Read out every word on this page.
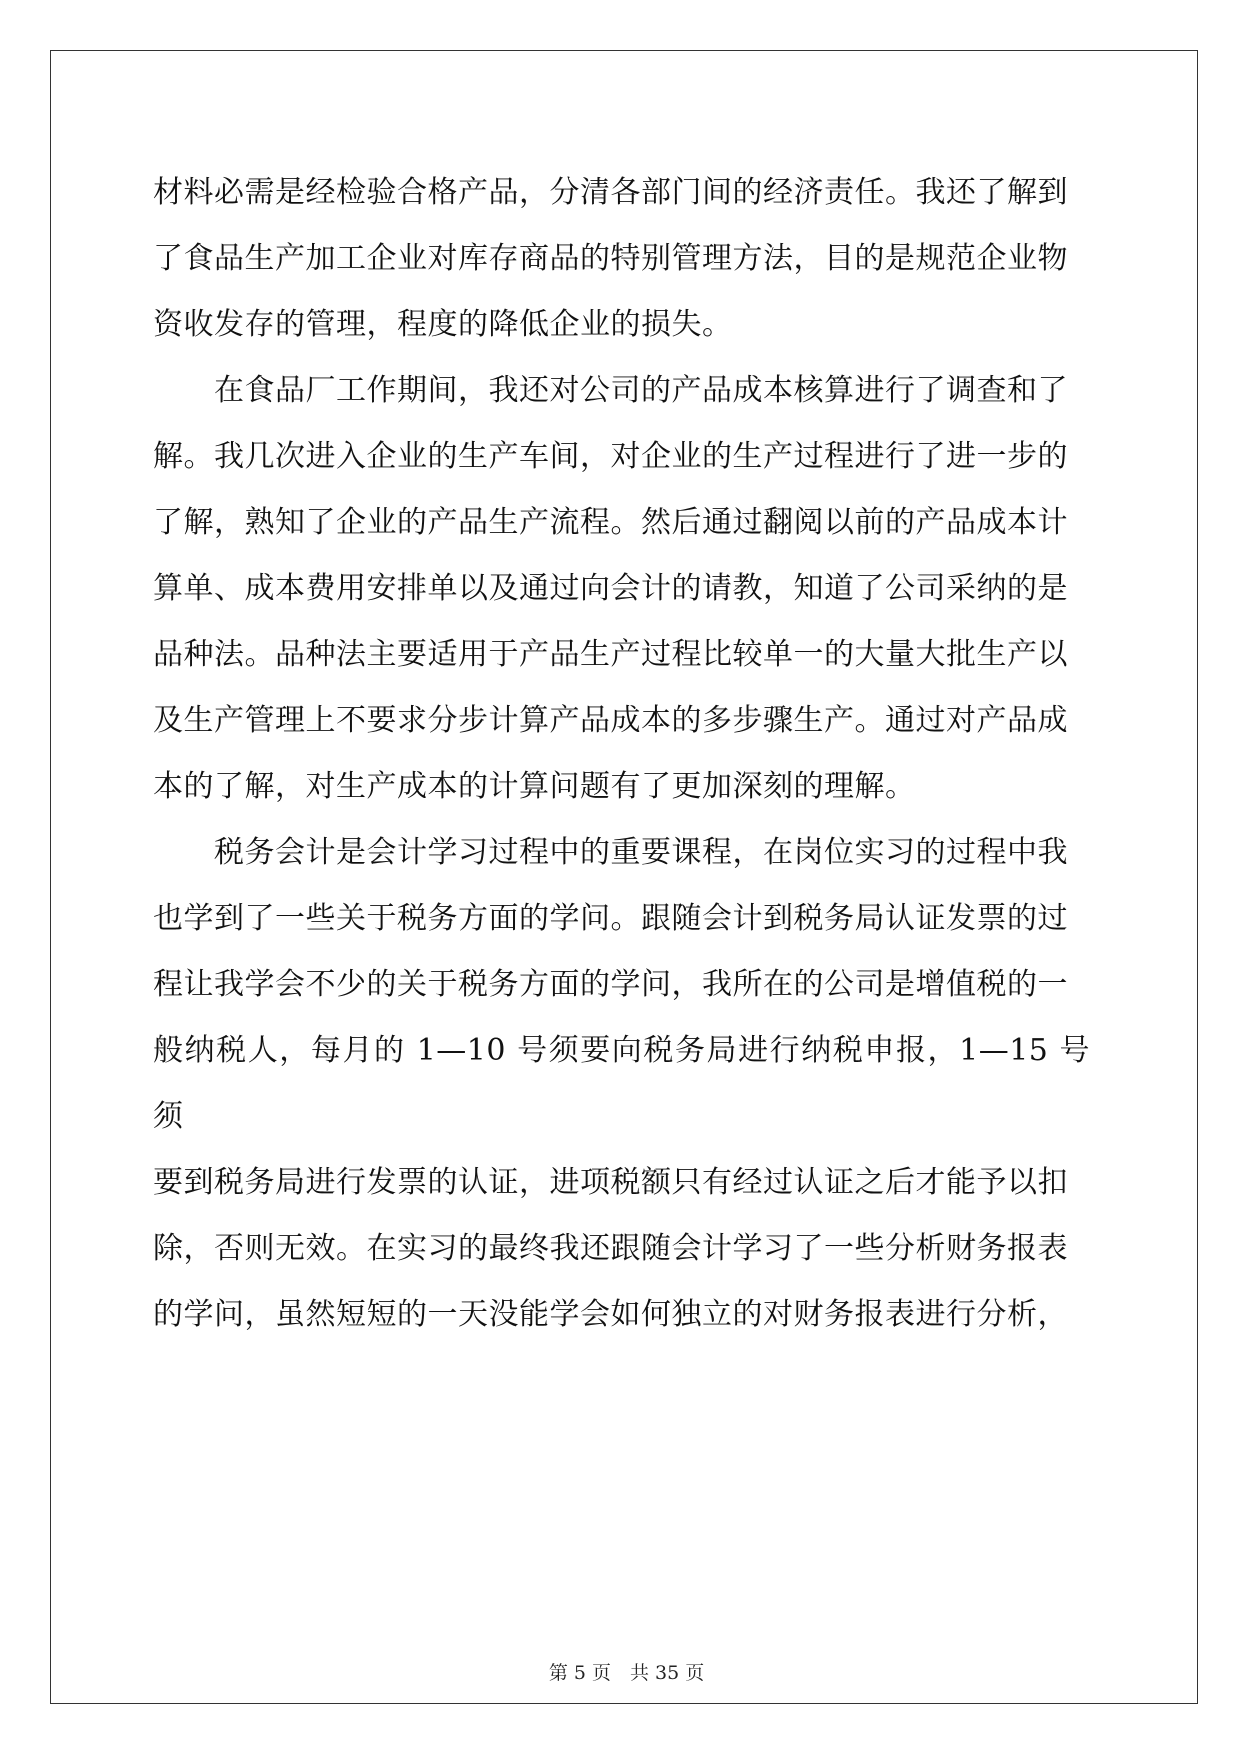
材料必需是经检验合格产品，分清各部门间的经济责任。我还了解到
了食品生产加工企业对库存商品的特别管理方法，目的是规范企业物
资收发存的管理，程度的降低企业的损失。
　　在食品厂工作期间，我还对公司的产品成本核算进行了调查和了
解。我几次进入企业的生产车间，对企业的生产过程进行了进一步的
了解，熟知了企业的产品生产流程。然后通过翻阅以前的产品成本计
算单、成本费用安排单以及通过向会计的请教，知道了公司采纳的是
品种法。品种法主要适用于产品生产过程比较单一的大量大批生产以
及生产管理上不要求分步计算产品成本的多步骤生产。通过对产品成
本的了解，对生产成本的计算问题有了更加深刻的理解。
　　税务会计是会计学习过程中的重要课程，在岗位实习的过程中我
也学到了一些关于税务方面的学问。跟随会计到税务局认证发票的过
程让我学会不少的关于税务方面的学问，我所在的公司是增值税的一
般纳税人，每月的 1—10 号须要向税务局进行纳税申报，1—15 号须
要到税务局进行发票的认证，进项税额只有经过认证之后才能予以扣
除，否则无效。在实习的最终我还跟随会计学习了一些分析财务报表
的学问，虽然短短的一天没能学会如何独立的对财务报表进行分析，

第 5 页　共 35 页
